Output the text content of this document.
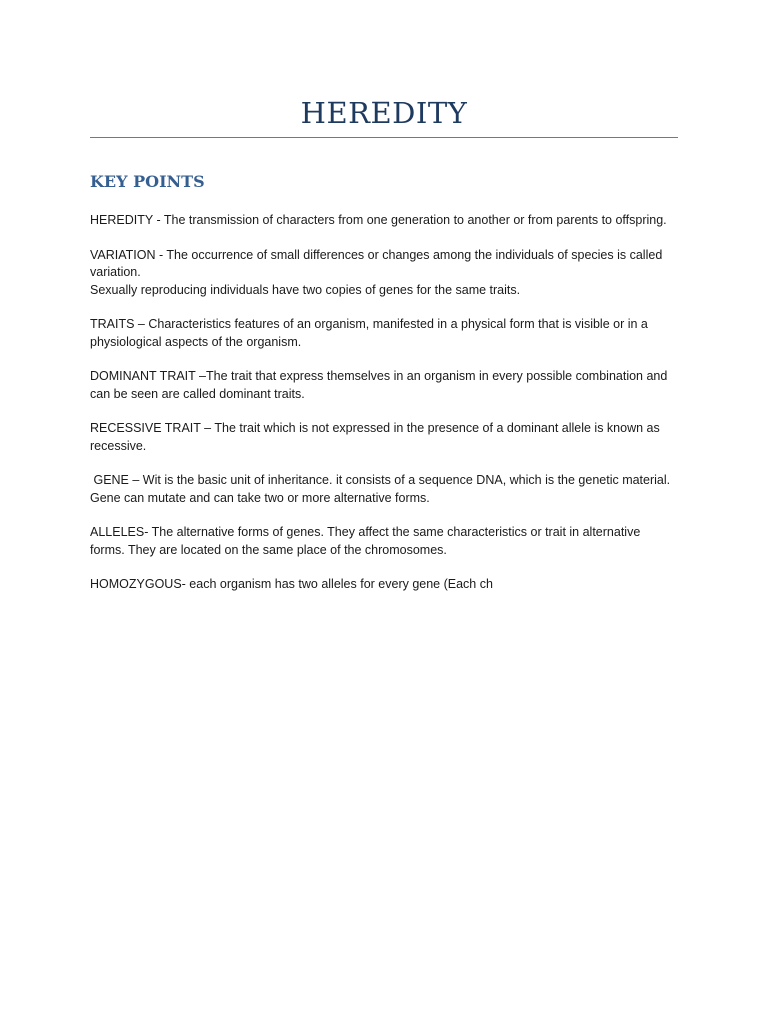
HEREDITY
KEY POINTS

HEREDITY - The transmission of characters from one generation to another or from parents to offspring.

VARIATION - The occurrence of small differences or changes among the individuals of species is called
variation.
Sexually reproducing individuals have two copies of genes for the same traits.

TRAITS – Characteristics features of an organism, manifested in a physical form that is visible or in a
physiological aspects of the organism.

DOMINANT TRAIT –The trait that express themselves in an organism in every possible combination and
can be seen are called dominant traits.

RECESSIVE TRAIT – The trait which is not expressed in the presence of a dominant allele is known as
recessive.

GENE – Wit is the basic unit of inheritance. it consists of a sequence DNA, which is the genetic material.
Gene can mutate and can take two or more alternative forms.

ALLELES- The alternative forms of genes. They affect the same characteristics or trait in alternative
forms. They are located on the same place of the chromosomes.

HOMOZYGOUS- each organism has two alleles for every gene (Each ch
